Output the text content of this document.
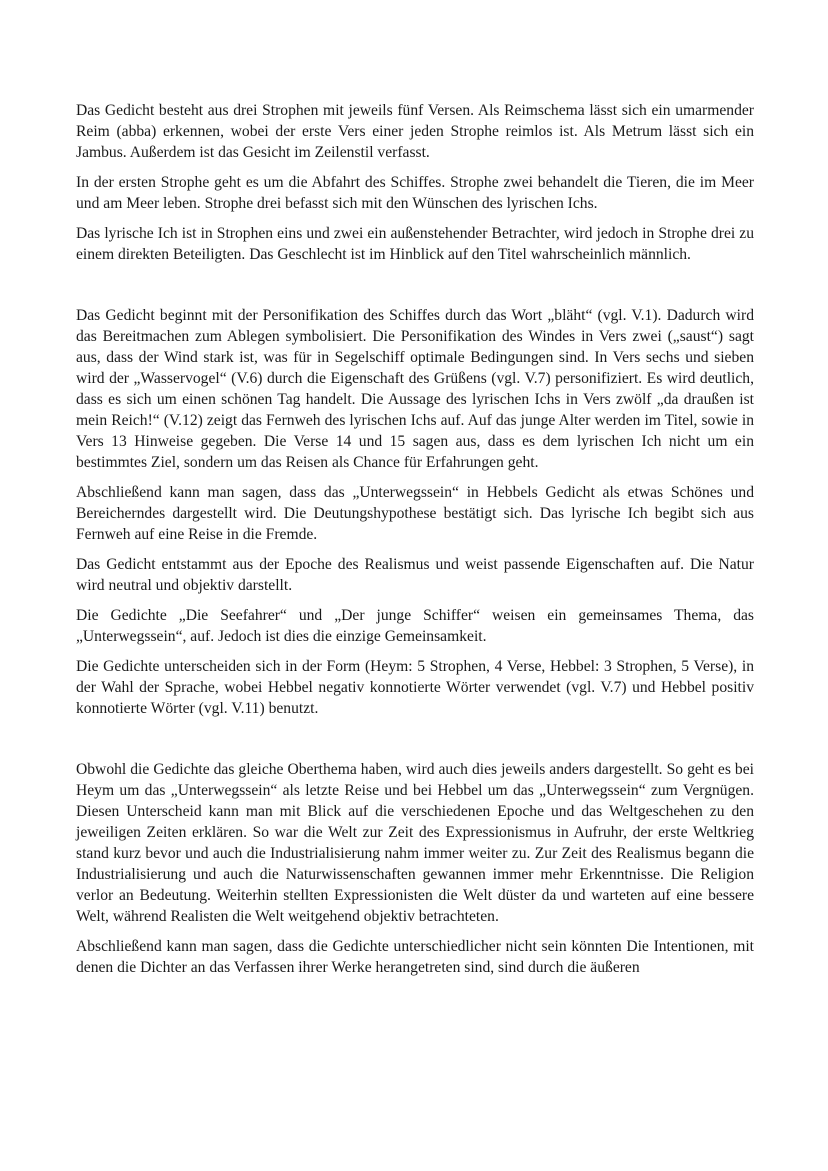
Das Gedicht besteht aus drei Strophen mit jeweils fünf Versen. Als Reimschema lässt sich ein umarmender Reim (abba) erkennen, wobei der erste Vers einer jeden Strophe reimlos ist. Als Metrum lässt sich ein Jambus. Außerdem ist das Gesicht im Zeilenstil verfasst.

In der ersten Strophe geht es um die Abfahrt des Schiffes. Strophe zwei behandelt die Tieren, die im Meer und am Meer leben. Strophe drei befasst sich mit den Wünschen des lyrischen Ichs.

Das lyrische Ich ist in Strophen eins und zwei ein außenstehender Betrachter, wird jedoch in Strophe drei zu einem direkten Beteiligten. Das Geschlecht ist im Hinblick auf den Titel wahrscheinlich männlich.

Das Gedicht beginnt mit der Personifikation des Schiffes durch das Wort „bläht“ (vgl. V.1). Dadurch wird das Bereitmachen zum Ablegen symbolisiert. Die Personifikation des Windes in Vers zwei („saust“) sagt aus, dass der Wind stark ist, was für in Segelschiff optimale Bedingungen sind. In Vers sechs und sieben wird der „Wasservogel“ (V.6) durch die Eigenschaft des Grüßens (vgl. V.7) personifiziert. Es wird deutlich, dass es sich um einen schönen Tag handelt. Die Aussage des lyrischen Ichs in Vers zwölf „da draußen ist mein Reich!“ (V.12) zeigt das Fernweh des lyrischen Ichs auf. Auf das junge Alter werden im Titel, sowie in Vers 13 Hinweise gegeben. Die Verse 14 und 15 sagen aus, dass es dem lyrischen Ich nicht um ein bestimmtes Ziel, sondern um das Reisen als Chance für Erfahrungen geht.

Abschließend kann man sagen, dass das „Unterwegssein“ in Hebbels Gedicht als etwas Schönes und Bereicherndes dargestellt wird. Die Deutungshypothese bestätigt sich. Das lyrische Ich begibt sich aus Fernweh auf eine Reise in die Fremde.

Das Gedicht entstammt aus der Epoche des Realismus und weist passende Eigenschaften auf. Die Natur wird neutral und objektiv darstellt.

Die Gedichte „Die Seefahrer“ und „Der junge Schiffer“ weisen ein gemeinsames Thema, das „Unterwegssein“, auf. Jedoch ist dies die einzige Gemeinsamkeit.

Die Gedichte unterscheiden sich in der Form (Heym: 5 Strophen, 4 Verse, Hebbel: 3 Strophen, 5 Verse), in der Wahl der Sprache, wobei Hebbel negativ konnotierte Wörter verwendet (vgl. V.7) und Hebbel positiv konnotierte Wörter (vgl. V.11) benutzt.

Obwohl die Gedichte das gleiche Oberthema haben, wird auch dies jeweils anders dargestellt. So geht es bei Heym um das „Unterwegssein“ als letzte Reise und bei Hebbel um das „Unterwegssein“ zum Vergnügen. Diesen Unterscheid kann man mit Blick auf die verschiedenen Epoche und das Weltgeschehen zu den jeweiligen Zeiten erklären. So war die Welt zur Zeit des Expressionismus in Aufruhr, der erste Weltkrieg stand kurz bevor und auch die Industrialisierung nahm immer weiter zu. Zur Zeit des Realismus begann die Industrialisierung und auch die Naturwissenschaften gewannen immer mehr Erkenntnisse. Die Religion verlor an Bedeutung. Weiterhin stellten Expressionisten die Welt düster da und warteten auf eine bessere Welt, während Realisten die Welt weitgehend objektiv betrachteten.

Abschließend kann man sagen, dass die Gedichte unterschiedlicher nicht sein könnten Die Intentionen, mit denen die Dichter an das Verfassen ihrer Werke herangetreten sind, sind durch die äußeren
